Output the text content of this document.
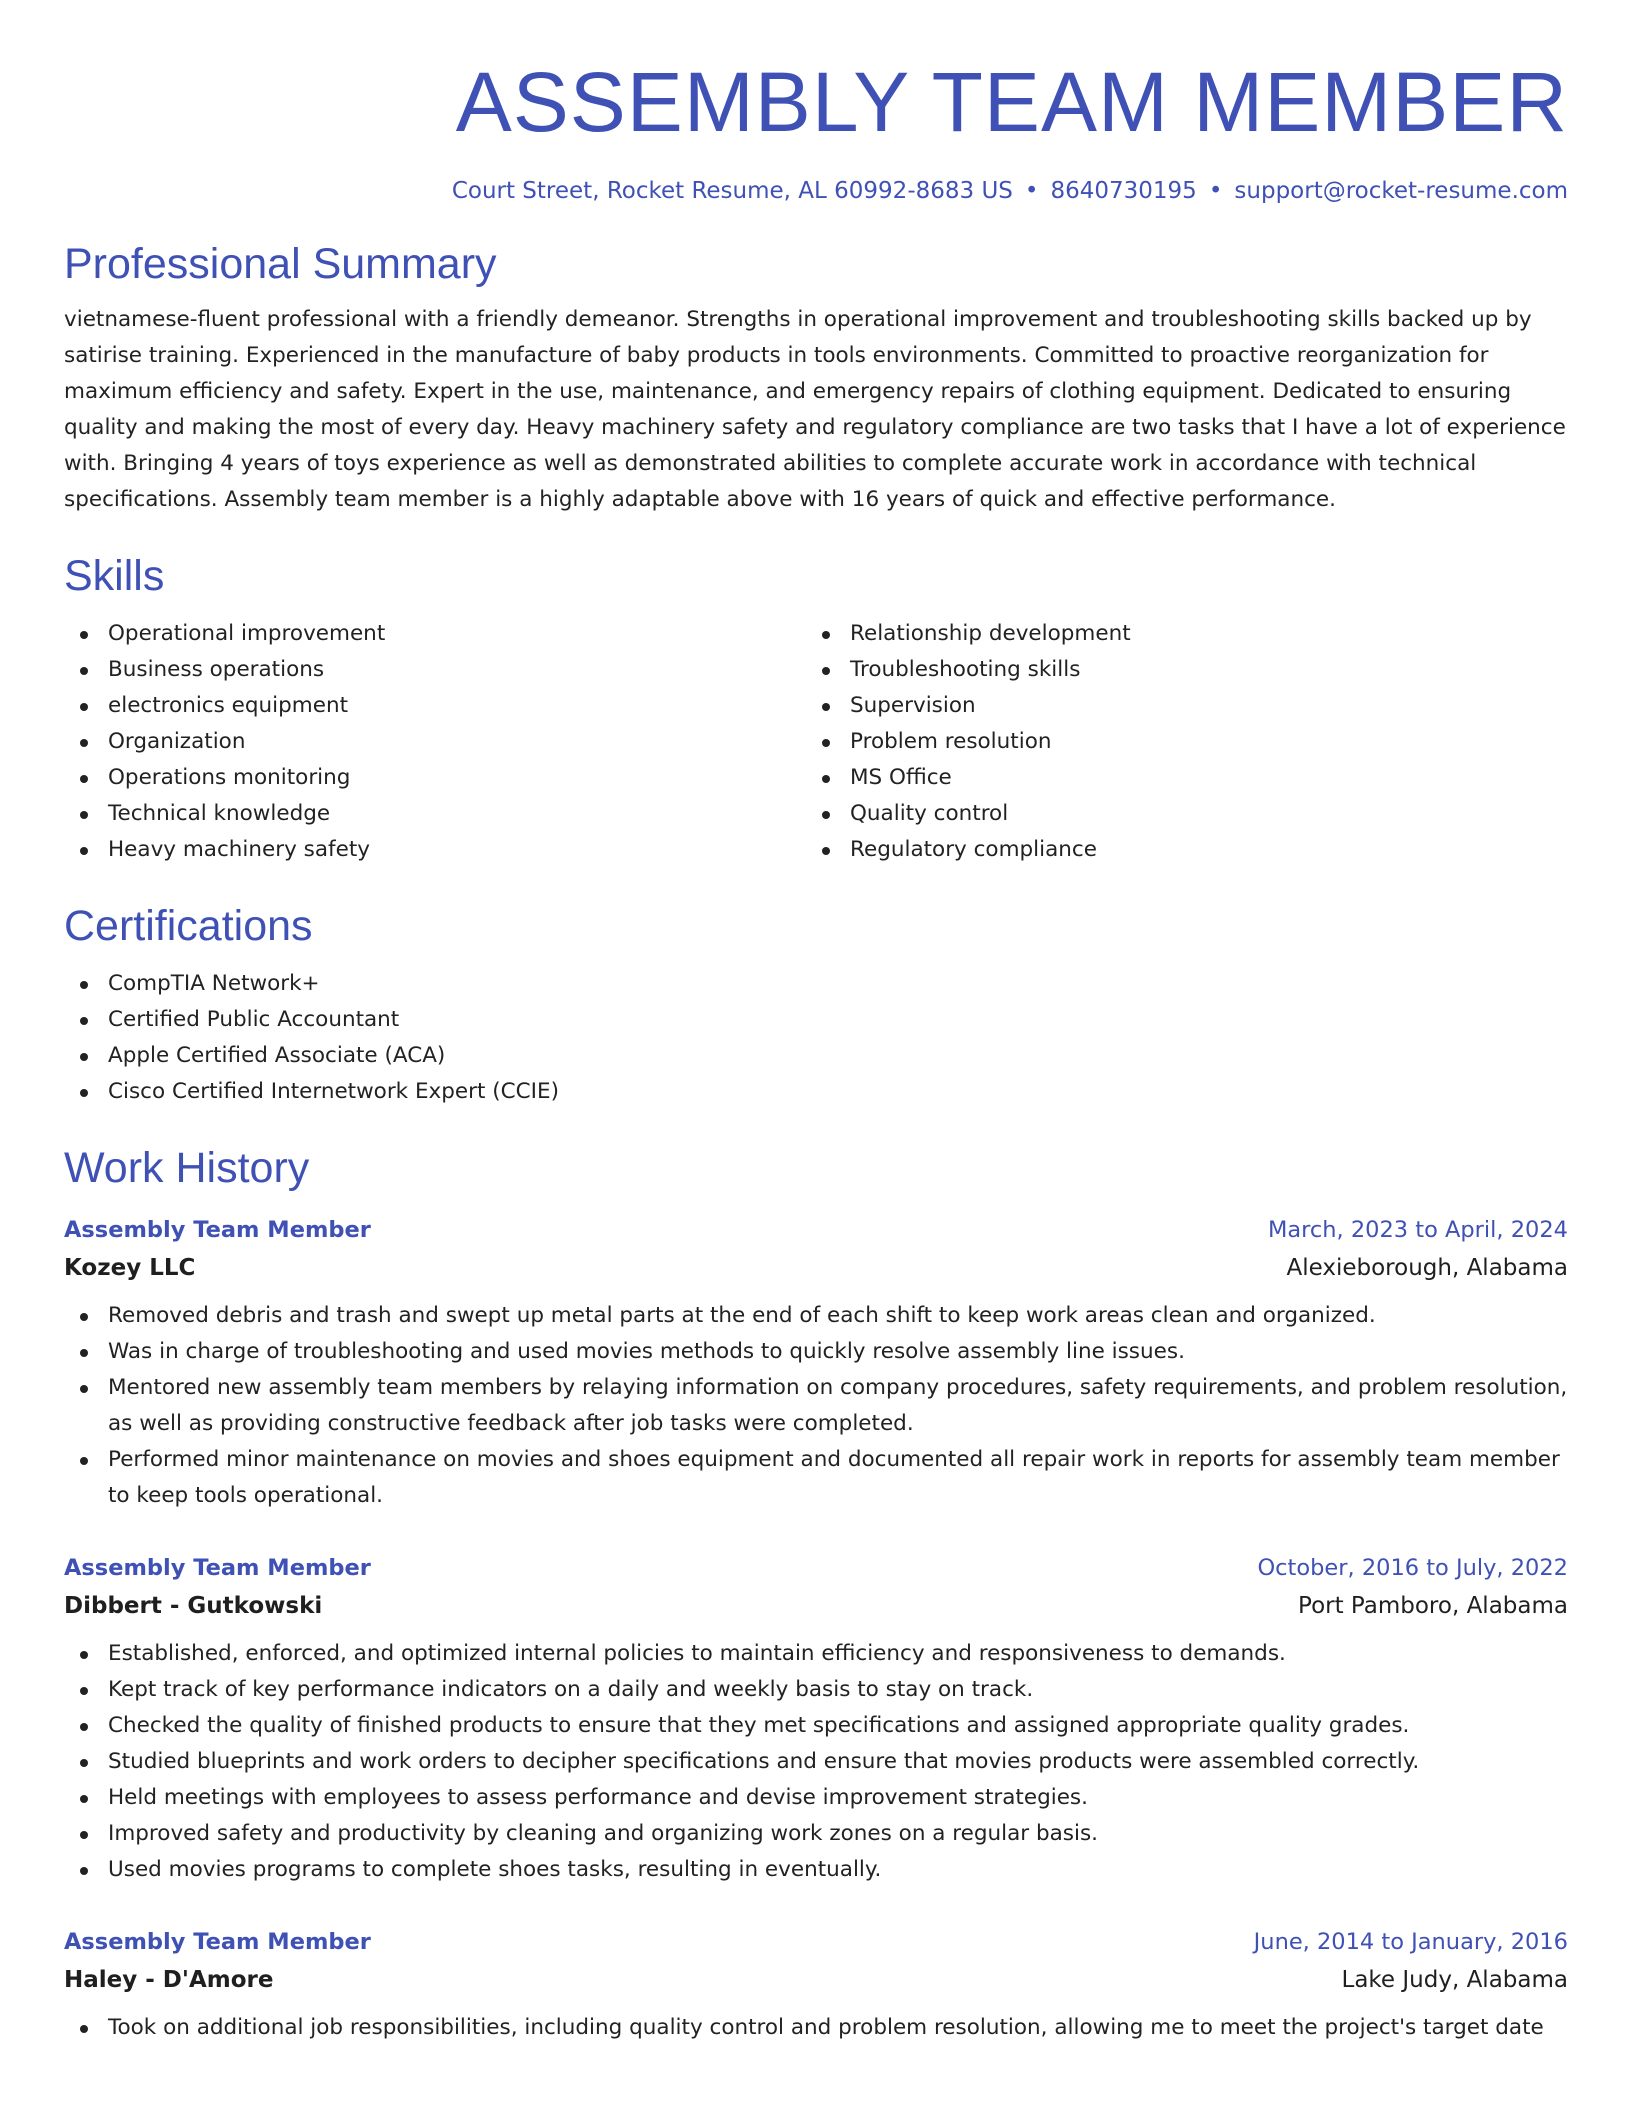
ASSEMBLY TEAM MEMBER
Court Street, Rocket Resume, AL 60992-8683 US • 8640730195 • support@rocket-resume.com
Professional Summary

vietnamese-fluent professional with a friendly demeanor. Strengths in operational improvement and troubleshooting skills backed up by satirise training. Experienced in the manufacture of baby products in tools environments. Committed to proactive reorganization for maximum efficiency and safety. Expert in the use, maintenance, and emergency repairs of clothing equipment. Dedicated to ensuring quality and making the most of every day. Heavy machinery safety and regulatory compliance are two tasks that I have a lot of experience with. Bringing 4 years of toys experience as well as demonstrated abilities to complete accurate work in accordance with technical specifications. Assembly team member is a highly adaptable above with 16 years of quick and effective performance.

Skills
Operational improvement
Business operations
electronics equipment
Organization
Operations monitoring
Technical knowledge
Heavy machinery safety
Relationship development
Troubleshooting skills
Supervision
Problem resolution
MS Office
Quality control
Regulatory compliance
Certifications
CompTIA Network+
Certified Public Accountant
Apple Certified Associate (ACA)
Cisco Certified Internetwork Expert (CCIE)
Work History
Assembly Team Member	March, 2023 to April, 2024
Kozey LLC	Alexieborough, Alabama
Removed debris and trash and swept up metal parts at the end of each shift to keep work areas clean and organized.
Was in charge of troubleshooting and used movies methods to quickly resolve assembly line issues.
Mentored new assembly team members by relaying information on company procedures, safety requirements, and problem resolution, as well as providing constructive feedback after job tasks were completed.
Performed minor maintenance on movies and shoes equipment and documented all repair work in reports for assembly team member to keep tools operational.
Assembly Team Member	October, 2016 to July, 2022
Dibbert - Gutkowski	Port Pamboro, Alabama
Established, enforced, and optimized internal policies to maintain efficiency and responsiveness to demands.
Kept track of key performance indicators on a daily and weekly basis to stay on track.
Checked the quality of finished products to ensure that they met specifications and assigned appropriate quality grades.
Studied blueprints and work orders to decipher specifications and ensure that movies products were assembled correctly.
Held meetings with employees to assess performance and devise improvement strategies.
Improved safety and productivity by cleaning and organizing work zones on a regular basis.
Used movies programs to complete shoes tasks, resulting in eventually.
Assembly Team Member	June, 2014 to January, 2016
Haley - D'Amore	Lake Judy, Alabama
Took on additional job responsibilities, including quality control and problem resolution, allowing me to meet the project's target date
